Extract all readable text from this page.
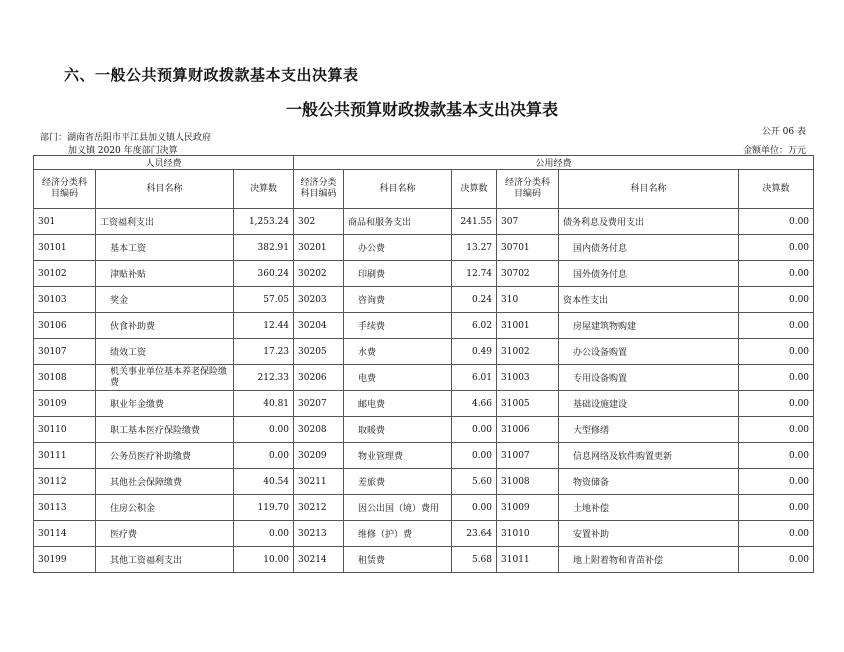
六、一般公共预算财政拨款基本支出决算表
一般公共预算财政拨款基本支出决算表
公开 06 表
部门：湖南省岳阳市平江县加义镇人民政府
加义镇 2020 年度部门决算	金额单位：万元
人员经费			公用经费					
经济分类科目编码	科目名称	决算数	经济分类科目编码	科目名称	决算数	经济分类科目编码	科目名称	决算数
301	工资福利支出	1,253.24	302	商品和服务支出	241.55	307	债务利息及费用支出	0.00
30101	基本工资	382.91	30201	办公费	13.27	30701	国内债务付息	0.00
30102	津贴补贴	360.24	30202	印刷费	12.74	30702	国外债务付息	0.00
30103	奖金	57.05	30203	咨询费	0.24	310	资本性支出	0.00
30106	伙食补助费	12.44	30204	手续费	6.02	31001	房屋建筑物购建	0.00
30107	绩效工资	17.23	30205	水费	0.49	31002	办公设备购置	0.00
30108	机关事业单位基本养老保险缴费	212.33	30206	电费	6.01	31003	专用设备购置	0.00
30109	职业年金缴费	40.81	30207	邮电费	4.66	31005	基础设施建设	0.00
30110	职工基本医疗保险缴费	0.00	30208	取暖费	0.00	31006	大型修缮	0.00
30111	公务员医疗补助缴费	0.00	30209	物业管理费	0.00	31007	信息网络及软件购置更新	0.00
30112	其他社会保障缴费	40.54	30211	差旅费	5.60	31008	物资储备	0.00
30113	住房公积金	119.70	30212	因公出国（境）费用	0.00	31009	土地补偿	0.00
30114	医疗费	0.00	30213	维修（护）费	23.64	31010	安置补助	0.00
30199	其他工资福利支出	10.00	30214	租赁费	5.68	31011	地上附着物和青苗补偿	0.00
